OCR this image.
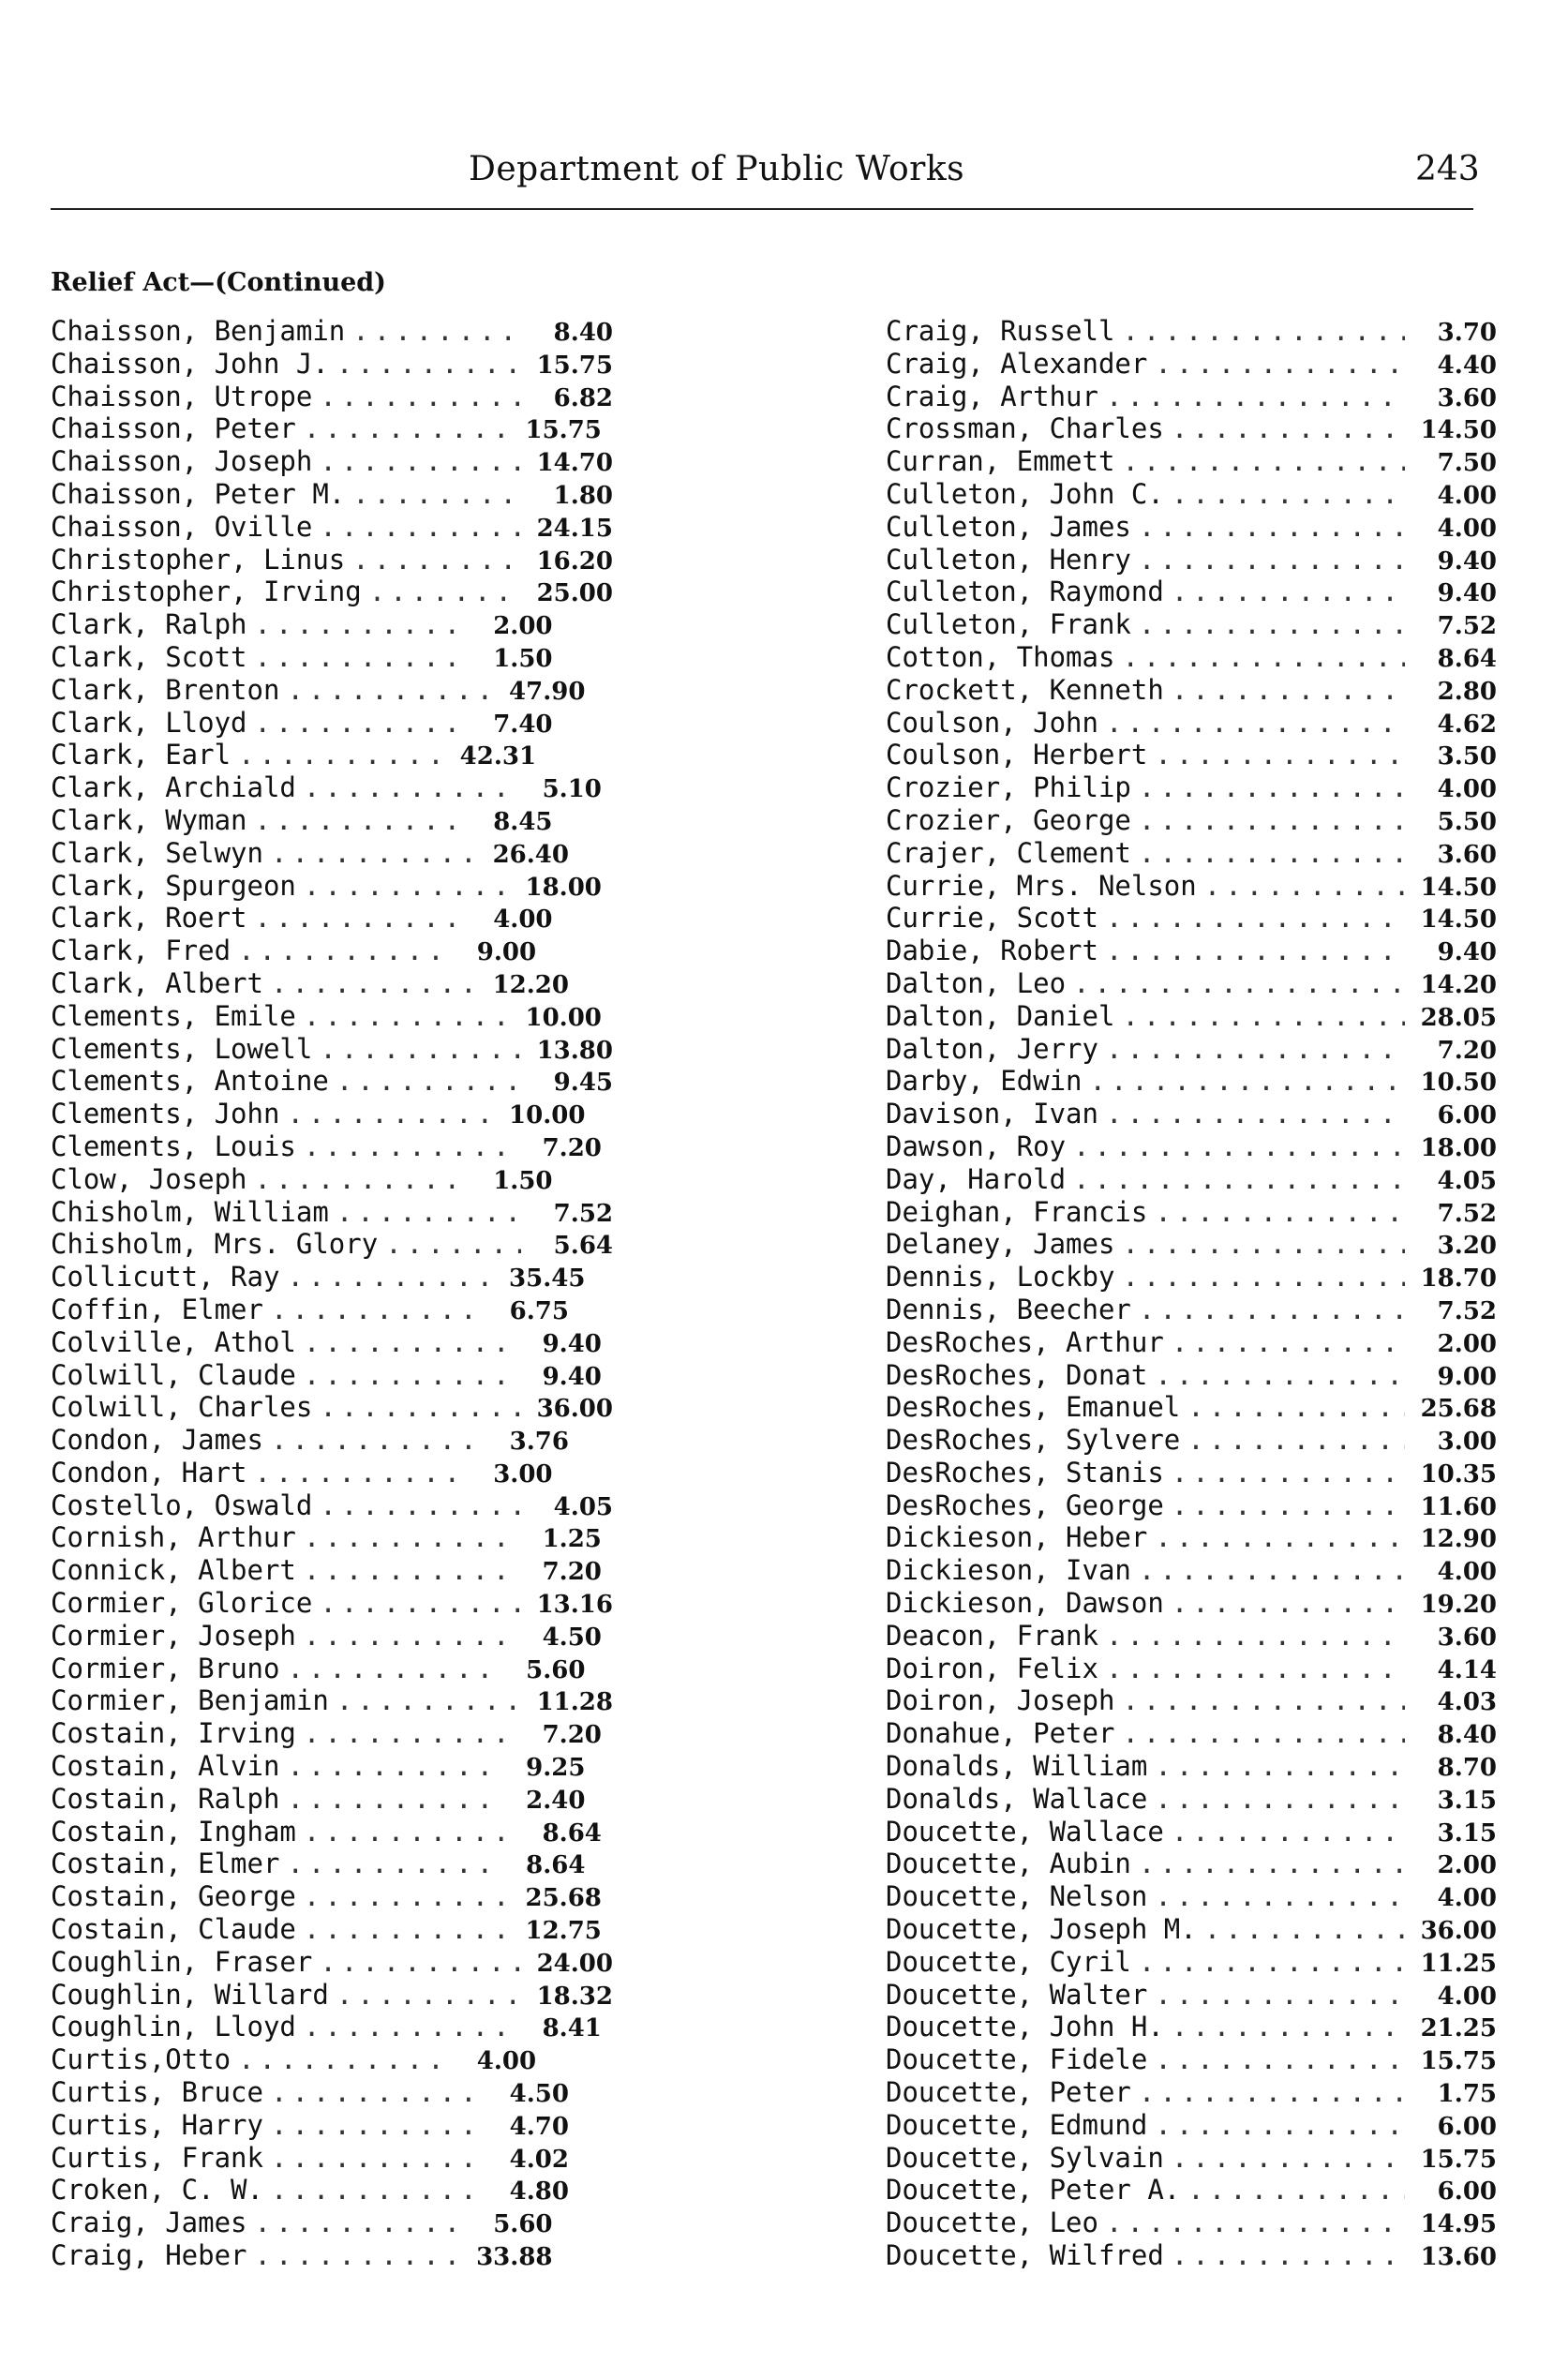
Department of Public Works	243
Relief Act—(Continued)
Chaisson, Benjamin .....	8.40
Chaisson, John J. .....	15.75
Chaisson, Utrope .....	6.82
Chaisson, Peter .....	15.75
Chaisson, Joseph .....	14.70
Chaisson, Peter M. .....	1.80
Chaisson, Oville .....	24.15
Christopher, Linus .....	16.20
Christopher, Irving .....	25.00
Clark, Ralph .....	2.00
Clark, Scott .....	1.50
Clark, Brenton .....	47.90
Clark, Lloyd .....	7.40
Clark, Earl .....	42.31
Clark, Archiald .....	5.10
Clark, Wyman .....	8.45
Clark, Selwyn .....	26.40
Clark, Spurgeon .....	18.00
Clark, Roert .....	4.00
Clark, Fred .....	9.00
Clark, Albert .....	12.20
Clements, Emile .....	10.00
Clements, Lowell .....	13.80
Clements, Antoine .....	9.45
Clements, John .....	10.00
Clements, Louis .....	7.20
Clow, Joseph .....	1.50
Chisholm, William .....	7.52
Chisholm, Mrs. Glory .....	5.64
Collicutt, Ray .....	35.45
Coffin, Elmer .....	6.75
Colville, Athol .....	9.40
Colwill, Claude .....	9.40
Colwill, Charles .....	36.00
Condon, James .....	3.76
Condon, Hart .....	3.00
Costello, Oswald .....	4.05
Cornish, Arthur .....	1.25
Connick, Albert .....	7.20
Cormier, Glorice .....	13.16
Cormier, Joseph .....	4.50
Cormier, Bruno .....	5.60
Cormier, Benjamin .....	11.28
Costain, Irving .....	7.20
Costain, Alvin .....	9.25
Costain, Ralph .....	2.40
Costain, Ingham .....	8.64
Costain, Elmer .....	8.64
Costain, George .....	25.68
Costain, Claude .....	12.75
Coughlin, Fraser .....	24.00
Coughlin, Willard .....	18.32
Coughlin, Lloyd .....	8.41
Curtis,Otto .....	4.00
Curtis, Bruce .....	4.50
Curtis, Harry .....	4.70
Curtis, Frank .....	4.02
Croken, C. W. .....	4.80
Craig, James .....	5.60
Craig, Heber .....	33.88
Craig, Russell .....	3.70
Craig, Alexander .....	4.40
Craig, Arthur .....	3.60
Crossman, Charles .....	14.50
Curran, Emmett .....	7.50
Culleton, John C. .....	4.00
Culleton, James .....	4.00
Culleton, Henry .....	9.40
Culleton, Raymond .....	9.40
Culleton, Frank .....	7.52
Cotton, Thomas .....	8.64
Crockett, Kenneth .....	2.80
Coulson, John .....	4.62
Coulson, Herbert .....	3.50
Crozier, Philip .....	4.00
Crozier, George .....	5.50
Crajer, Clement .....	3.60
Currie, Mrs. Nelson .....	14.50
Currie, Scott .....	14.50
Dabie, Robert .....	9.40
Dalton, Leo .....	14.20
Dalton, Daniel .....	28.05
Dalton, Jerry .....	7.20
Darby, Edwin .....	10.50
Davison, Ivan .....	6.00
Dawson, Roy .....	18.00
Day, Harold .....	4.05
Deighan, Francis .....	7.52
Delaney, James .....	3.20
Dennis, Lockby .....	18.70
Dennis, Beecher .....	7.52
DesRoches, Arthur .....	2.00
DesRoches, Donat .....	9.00
DesRoches, Emanuel .....	25.68
DesRoches, Sylvere .....	3.00
DesRoches, Stanis .....	10.35
DesRoches, George .....	11.60
Dickieson, Heber .....	12.90
Dickieson, Ivan .....	4.00
Dickieson, Dawson .....	19.20
Deacon, Frank .....	3.60
Doiron, Felix .....	4.14
Doiron, Joseph .....	4.03
Donahue, Peter .....	8.40
Donalds, William .....	8.70
Donalds, Wallace .....	3.15
Doucette, Wallace .....	3.15
Doucette, Aubin .....	2.00
Doucette, Nelson .....	4.00
Doucette, Joseph M. .....	36.00
Doucette, Cyril .....	11.25
Doucette, Walter .....	4.00
Doucette, John H. .....	21.25
Doucette, Fidele .....	15.75
Doucette, Peter .....	1.75
Doucette, Edmund .....	6.00
Doucette, Sylvain .....	15.75
Doucette, Peter A. .....	6.00
Doucette, Leo .....	14.95
Doucette, Wilfred .....	13.60
